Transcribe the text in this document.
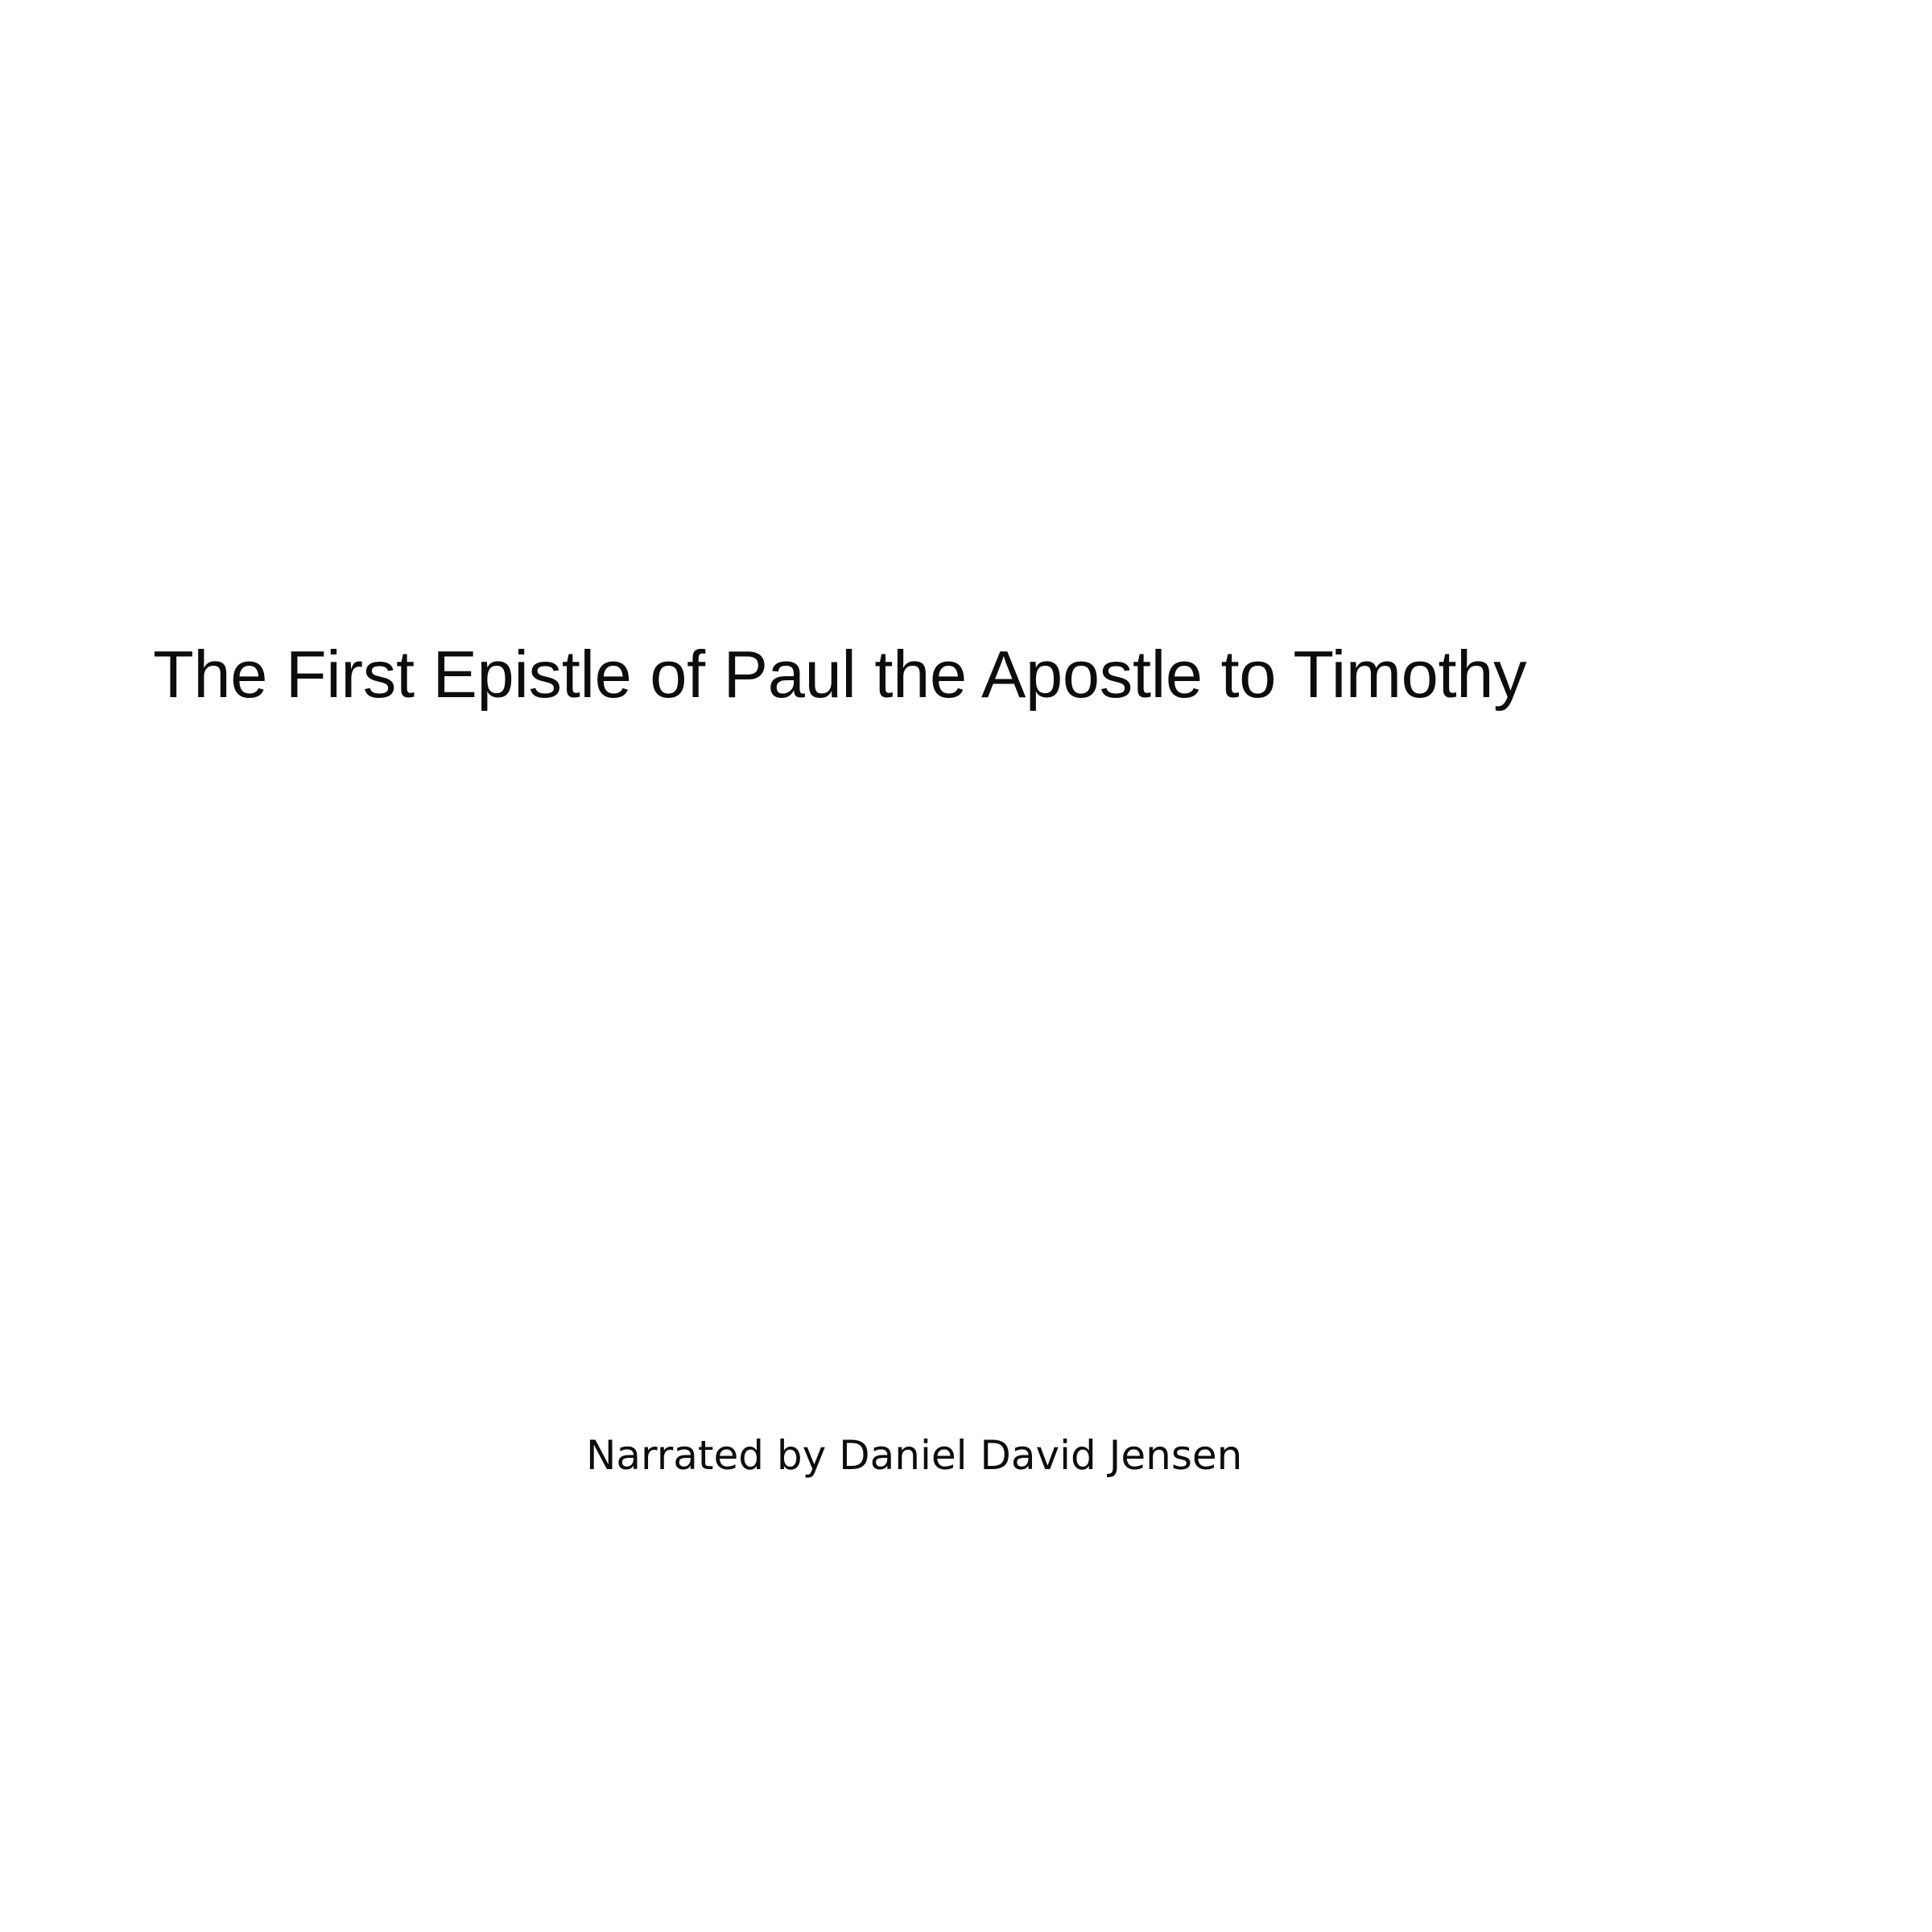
The First Epistle of Paul the Apostle to Timothy
Narrated by Daniel David Jensen
